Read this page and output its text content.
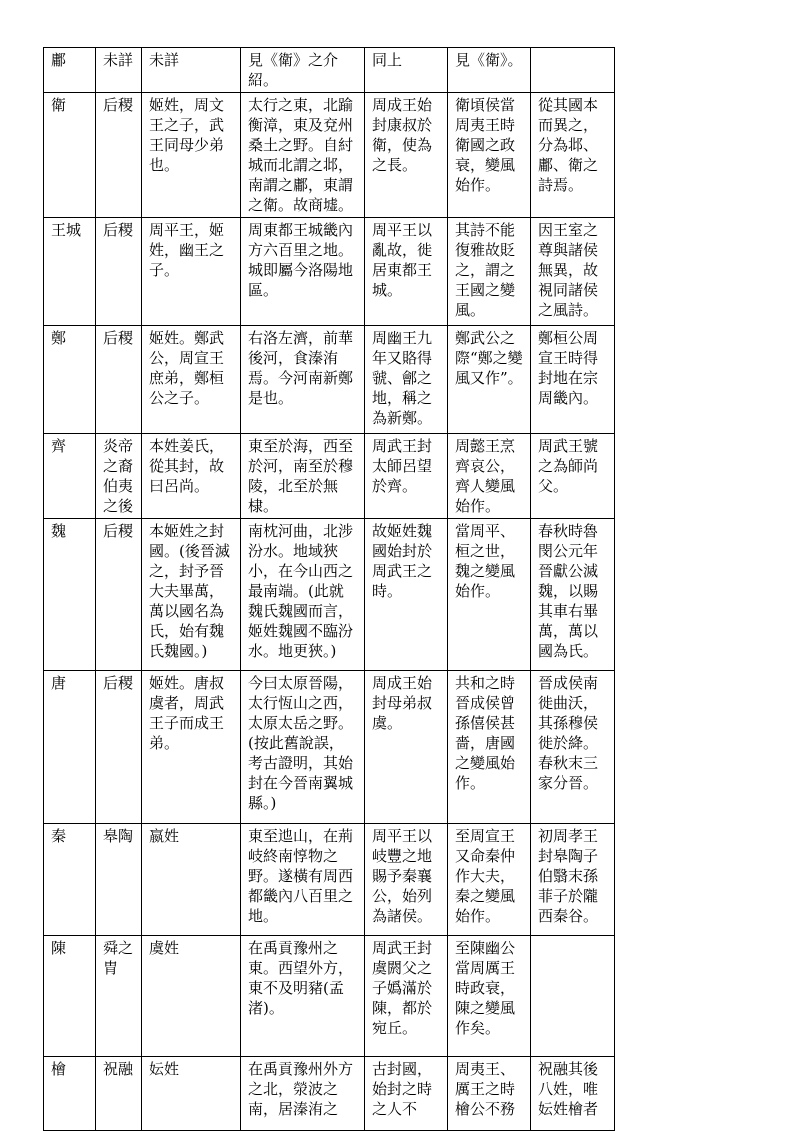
鄘	未詳	未詳	見《衛》之介紹。	同上	見《衛》。	
衛	后稷	姬姓，周文王之子，武王同母少弟也。	太行之東，北踰衡漳，東及兗州桑土之野。自紂城而北謂之邶，南謂之鄘，東謂之衛。故商墟。	周成王始封康叔於衛，使為之長。	衛頃侯當周夷王時衛國之政衰，變風始作。	從其國本而異之，分為邶、鄘、衛之詩焉。
王城	后稷	周平王，姬姓，幽王之子。	周東都王城畿內方六百里之地。城即屬今洛陽地區。	周平王以亂故，徙居東都王城。	其詩不能復雅故貶之，謂之王國之變風。	因王室之尊與諸侯無異，故視同諸侯之風詩。
鄭	后稷	姬姓。鄭武公，周宣王庶弟，鄭桓公之子。	右洛左濟，前華後河，食溱洧焉。今河南新鄭是也。	周幽王九年又賂得虢、鄶之地，稱之為新鄭。	鄭武公之際“鄭之變風又作”。	鄭桓公周宣王時得封地在宗周畿內。
齊	炎帝之裔伯夷之後	本姓姜氏，從其封，故曰呂尚。	東至於海，西至於河，南至於穆陵，北至於無棣。	周武王封太師呂望於齊。	周懿王烹齊哀公，齊人變風始作。	周武王號之為師尚父。
魏	后稷	本姬姓之封國。(後晉滅之，封予晉大夫畢萬，萬以國名為氏，始有魏氏魏國。)	南枕河曲，北涉汾水。地域狹小，在今山西之最南端。(此就魏氏魏國而言，姬姓魏國不臨汾水。地更狹。)	故姬姓魏國始封於周武王之時。	當周平、桓之世，魏之變風始作。	春秋時魯閔公元年晉獻公滅魏，以賜其車右畢萬，萬以國為氏。
唐	后稷	姬姓。唐叔虞者，周武王子而成王弟。	今曰太原晉陽，太行恆山之西，太原太岳之野。(按此舊說誤，考古證明，其始封在今晉南翼城縣。)	周成王始封母弟叔虞。	共和之時晉成侯曾孫僖侯甚嗇，唐國之變風始作。	晉成侯南徙曲沃，其孫穆侯徙於絳。春秋末三家分晉。
秦	皋陶	嬴姓	東至迆山，在荊岐終南惇物之野。遂橫有周西都畿內八百里之地。	周平王以岐豐之地賜予秦襄公，始列為諸侯。	至周宣王又命秦仲作大夫，秦之變風始作。	初周孝王封皋陶子伯翳末孫菲子於隴西秦谷。
陳	舜之胄	虞姓	在禹貢豫州之東。西望外方，東不及明豬(孟渚)。	周武王封虞閼父之子嬀滿於陳，都於宛丘。	至陳幽公當周厲王時政衰，陳之變風作矣。	
檜	祝融	妘姓	在禹貢豫州外方之北，滎波之南，居溱洧之	古封國，始封之時之人不	周夷王、厲王之時檜公不務	祝融其後八姓，唯妘姓檜者
